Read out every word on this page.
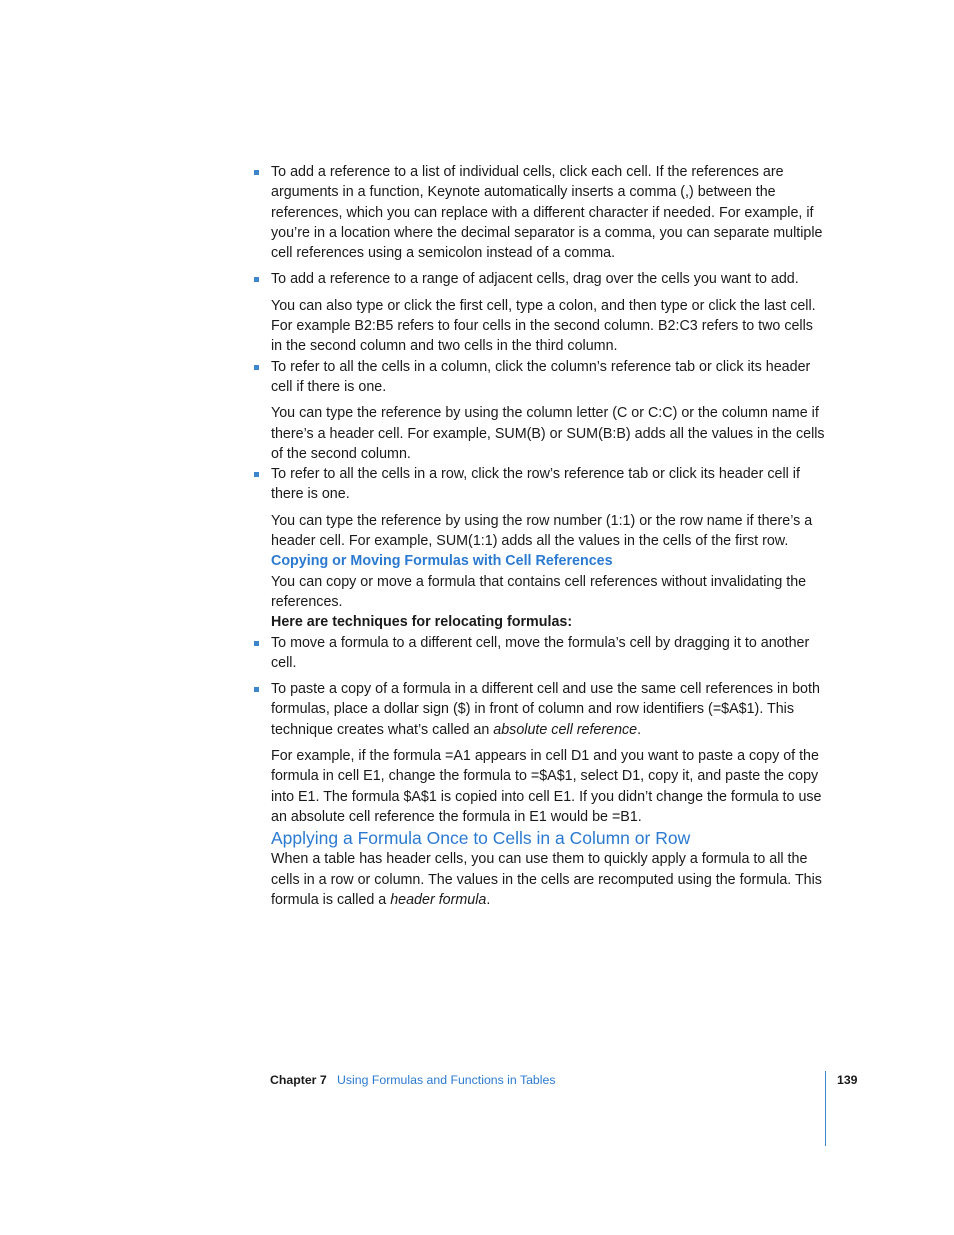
To add a reference to a list of individual cells, click each cell. If the references are arguments in a function, Keynote automatically inserts a comma (,) between the references, which you can replace with a different character if needed. For example, if you’re in a location where the decimal separator is a comma, you can separate multiple cell references using a semicolon instead of a comma.

To add a reference to a range of adjacent cells, drag over the cells you want to add.

You can also type or click the first cell, type a colon, and then type or click the last cell. For example B2:B5 refers to four cells in the second column. B2:C3 refers to two cells in the second column and two cells in the third column.

To refer to all the cells in a column, click the column’s reference tab or click its header cell if there is one.

You can type the reference by using the column letter (C or C:C) or the column name if there’s a header cell. For example, SUM(B) or SUM(B:B) adds all the values in the cells of the second column.

To refer to all the cells in a row, click the row’s reference tab or click its header cell if there is one.

You can type the reference by using the row number (1:1) or the row name if there’s a header cell. For example, SUM(1:1) adds all the values in the cells of the first row.

Copying or Moving Formulas with Cell References

You can copy or move a formula that contains cell references without invalidating the references.

Here are techniques for relocating formulas:

To move a formula to a different cell, move the formula’s cell by dragging it to another cell.

To paste a copy of a formula in a different cell and use the same cell references in both formulas, place a dollar sign ($) in front of column and row identifiers (=$A$1). This technique creates what’s called an absolute cell reference.

For example, if the formula =A1 appears in cell D1 and you want to paste a copy of the formula in cell E1, change the formula to =$A$1, select D1, copy it, and paste the copy into E1. The formula $A$1 is copied into cell E1. If you didn’t change the formula to use an absolute cell reference the formula in E1 would be =B1.

Applying a Formula Once to Cells in a Column or Row

When a table has header cells, you can use them to quickly apply a formula to all the cells in a row or column. The values in the cells are recomputed using the formula. This formula is called a header formula.

Chapter 7 Using Formulas and Functions in Tables	139
